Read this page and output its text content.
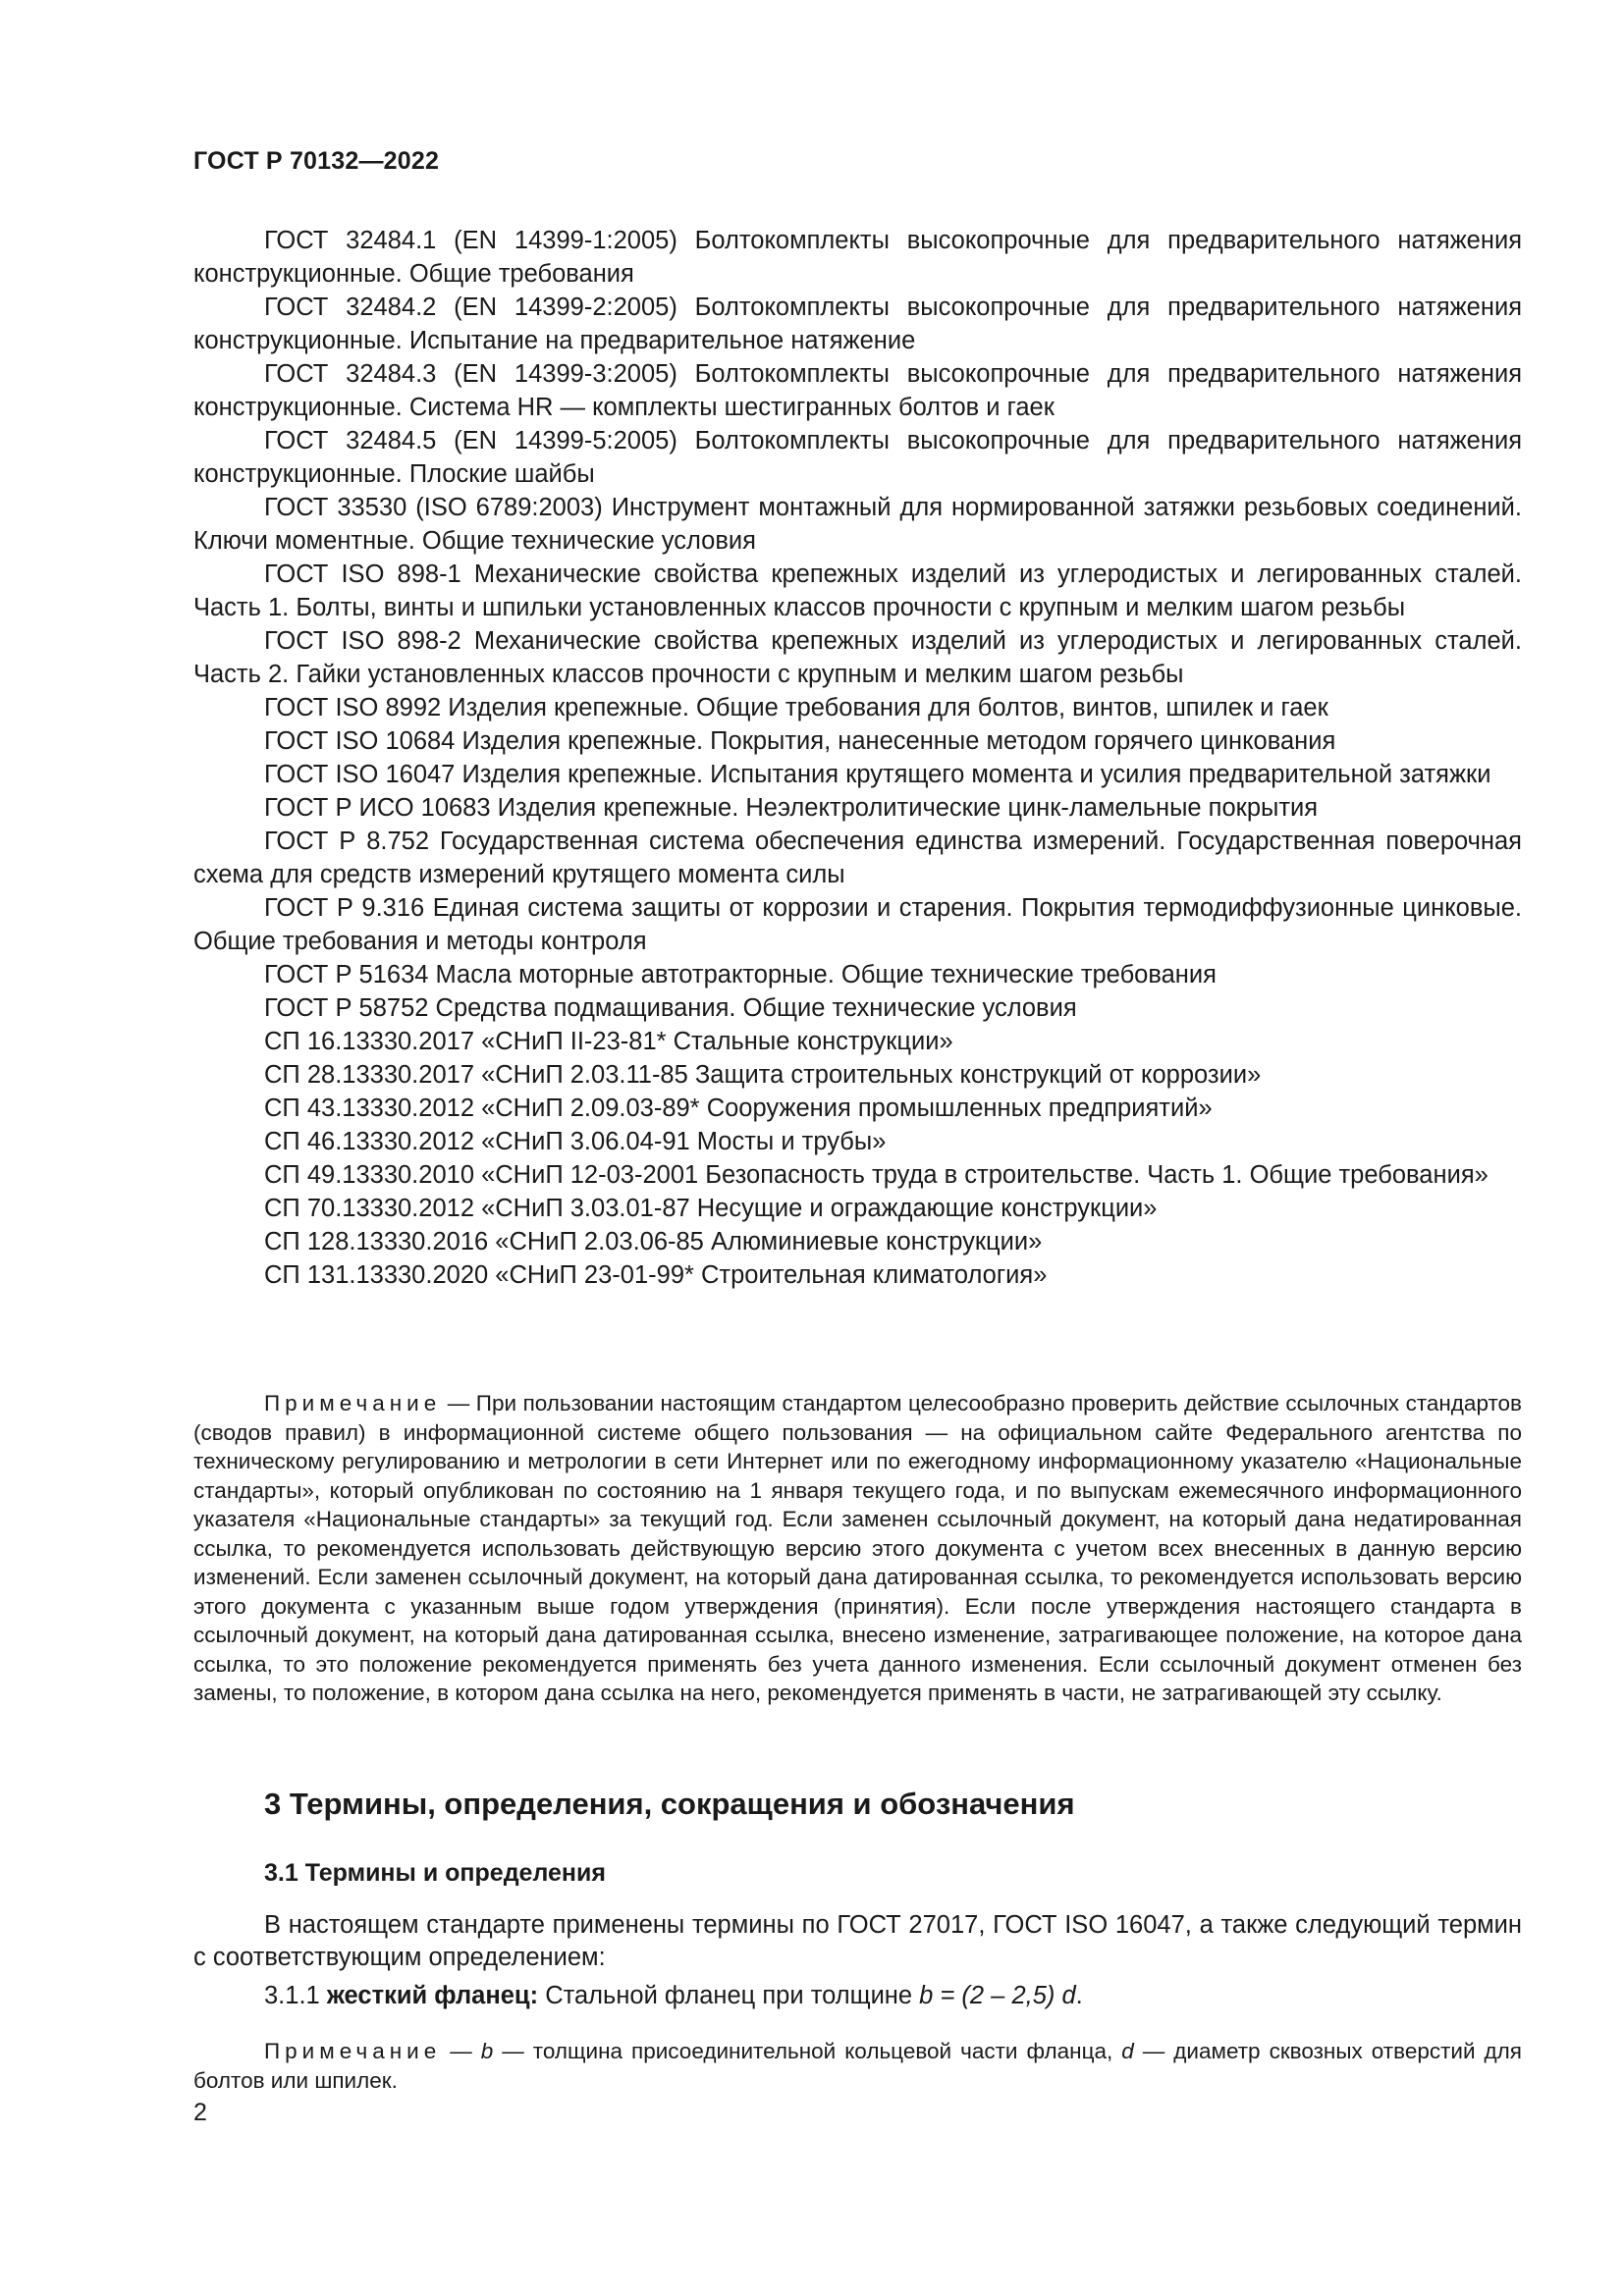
ГОСТ Р 70132—2022

ГОСТ 32484.1 (EN 14399-1:2005) Болтокомплекты высокопрочные для предварительного натяжения конструкционные. Общие требования

ГОСТ 32484.2 (EN 14399-2:2005) Болтокомплекты высокопрочные для предварительного натяжения конструкционные. Испытание на предварительное натяжение

ГОСТ 32484.3 (EN 14399-3:2005) Болтокомплекты высокопрочные для предварительного натяжения конструкционные. Система HR — комплекты шестигранных болтов и гаек

ГОСТ 32484.5 (EN 14399-5:2005) Болтокомплекты высокопрочные для предварительного натяжения конструкционные. Плоские шайбы

ГОСТ 33530 (ISO 6789:2003) Инструмент монтажный для нормированной затяжки резьбовых соединений. Ключи моментные. Общие технические условия

ГОСТ ISO 898-1 Механические свойства крепежных изделий из углеродистых и легированных сталей. Часть 1. Болты, винты и шпильки установленных классов прочности с крупным и мелким шагом резьбы

ГОСТ ISO 898-2 Механические свойства крепежных изделий из углеродистых и легированных сталей. Часть 2. Гайки установленных классов прочности с крупным и мелким шагом резьбы

ГОСТ ISO 8992 Изделия крепежные. Общие требования для болтов, винтов, шпилек и гаек

ГОСТ ISO 10684 Изделия крепежные. Покрытия, нанесенные методом горячего цинкования

ГОСТ ISO 16047 Изделия крепежные. Испытания крутящего момента и усилия предварительной затяжки

ГОСТ Р ИСО 10683 Изделия крепежные. Неэлектролитические цинк-ламельные покрытия

ГОСТ Р 8.752 Государственная система обеспечения единства измерений. Государственная поверочная схема для средств измерений крутящего момента силы

ГОСТ Р 9.316 Единая система защиты от коррозии и старения. Покрытия термодиффузионные цинковые. Общие требования и методы контроля

ГОСТ Р 51634 Масла моторные автотракторные. Общие технические требования

ГОСТ Р 58752 Средства подмащивания. Общие технические условия

СП 16.13330.2017 «СНиП II-23-81* Стальные конструкции»

СП 28.13330.2017 «СНиП 2.03.11-85 Защита строительных конструкций от коррозии»

СП 43.13330.2012 «СНиП 2.09.03-89* Сооружения промышленных предприятий»

СП 46.13330.2012 «СНиП 3.06.04-91 Мосты и трубы»

СП 49.13330.2010 «СНиП 12-03-2001 Безопасность труда в строительстве. Часть 1. Общие требования»

СП 70.13330.2012 «СНиП 3.03.01-87 Несущие и ограждающие конструкции»

СП 128.13330.2016 «СНиП 2.03.06-85 Алюминиевые конструкции»

СП 131.13330.2020 «СНиП 23-01-99* Строительная климатология»

Примечание — При пользовании настоящим стандартом целесообразно проверить действие ссылочных стандартов (сводов правил) в информационной системе общего пользования — на официальном сайте Федерального агентства по техническому регулированию и метрологии в сети Интернет или по ежегодному информационному указателю «Национальные стандарты», который опубликован по состоянию на 1 января текущего года, и по выпускам ежемесячного информационного указателя «Национальные стандарты» за текущий год. Если заменен ссылочный документ, на который дана недатированная ссылка, то рекомендуется использовать действующую версию этого документа с учетом всех внесенных в данную версию изменений. Если заменен ссылочный документ, на который дана датированная ссылка, то рекомендуется использовать версию этого документа с указанным выше годом утверждения (принятия). Если после утверждения настоящего стандарта в ссылочный документ, на который дана датированная ссылка, внесено изменение, затрагивающее положение, на которое дана ссылка, то это положение рекомендуется применять без учета данного изменения. Если ссылочный документ отменен без замены, то положение, в котором дана ссылка на него, рекомендуется применять в части, не затрагивающей эту ссылку.

3 Термины, определения, сокращения и обозначения
3.1 Термины и определения

В настоящем стандарте применены термины по ГОСТ 27017, ГОСТ ISO 16047, а также следующий термин с соответствующим определением:

3.1.1 жесткий фланец: Стальной фланец при толщине b = (2 – 2,5) d.

Примечание — b — толщина присоединительной кольцевой части фланца, d — диаметр сквозных отверстий для болтов или шпилек.

2
